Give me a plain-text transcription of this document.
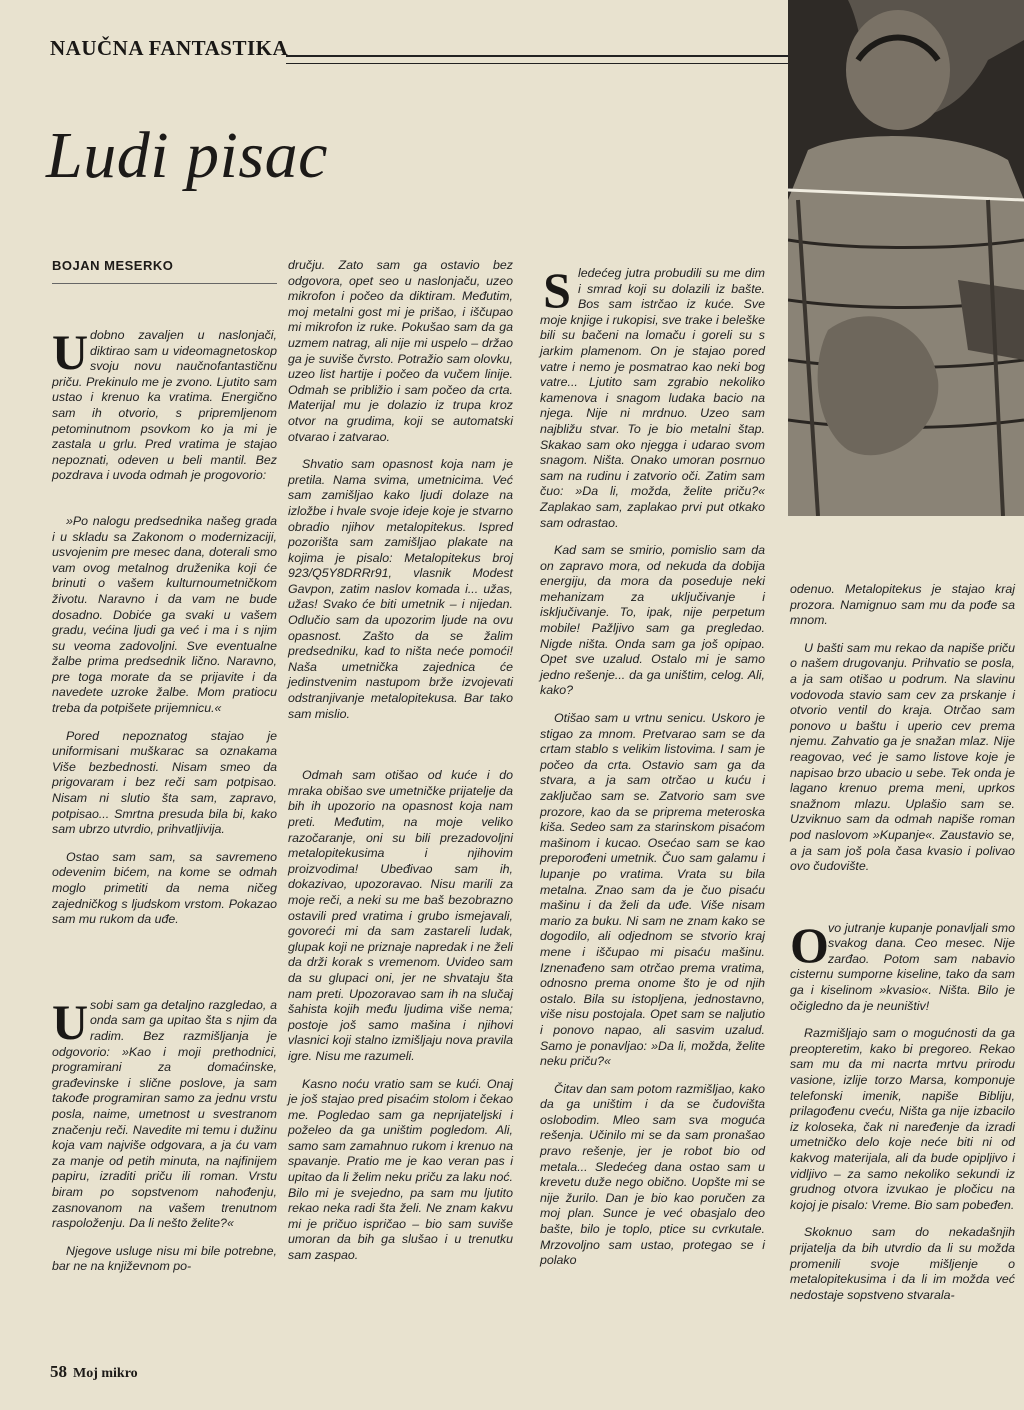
NAUČNA FANTASTIKA
Ludi pisac
BOJAN MESERKO

Udobno zavaljen u naslonjači, diktirao sam u videomagnetoskop svoju novu naučnofantastičnu priču. Prekinulo me je zvono. Ljutito sam ustao i krenuo ka vratima. Energično sam ih otvorio, s pripremljenom petominutnom psovkom ko ja mi je zastala u grlu. Pred vratima je stajao nepoznati, odeven u beli mantil. Bez pozdrava i uvoda odmah je progovorio:

»Po nalogu predsednika našeg grada i u skladu sa Zakonom o modernizaciji, usvojenim pre mesec dana, doterali smo vam ovog metalnog druženika koji će brinuti o vašem kulturnoumetničkom životu. Naravno i da vam ne bude dosadno. Dobiće ga svaki u vašem gradu, većina ljudi ga već i ma i s njim su veoma zadovoljni. Sve eventualne žalbe prima predsednik lično. Naravno, pre toga morate da se prijavite i da navedete uzroke žalbe. Mom pratiocu treba da potpišete prijemnicu.«

Pored nepoznatog stajao je uniformisani muškarac sa oznakama Više bezbednosti. Nisam smeo da prigovaram i bez reči sam potpisao. Nisam ni slutio šta sam, zapravo, potpisao... Smrtna presuda bila bi, kako sam ubrzo utvrdio, prihvatljivija.

Ostao sam sam, sa savremeno odevenim bićem, na kome se odmah moglo primetiti da nema ničeg zajedničkog s ljudskom vrstom. Pokazao sam mu rukom da uđe.

Usobi sam ga detaljno razgledao, a onda sam ga upitao šta s njim da radim. Bez razmišljanja je odgovorio: »Kao i moji prethodnici, programirani za domaćinske, građevinske i slične poslove, ja sam takođe programiran samo za jednu vrstu posla, naime, umetnost u svestranom značenju reči. Navedite mi temu i dužinu koja vam najviše odgovara, a ja ću vam za manje od petih minuta, na najfinijem papiru, izraditi priču ili roman. Vrstu biram po sopstvenom nahođenju, zasnovanom na vašem trenutnom raspoloženju. Da li nešto želite?«

Njegove usluge nisu mi bile potrebne, bar ne na književnom po-

dručju. Zato sam ga ostavio bez odgovora, opet seo u naslonjaču, uzeo mikrofon i počeo da diktiram. Međutim, moj metalni gost mi je prišao, i iščupao mi mikrofon iz ruke. Pokušao sam da ga uzmem natrag, ali nije mi uspelo – držao ga je suviše čvrsto. Potražio sam olovku, uzeo list hartije i počeo da vučem linije. Odmah se približio i sam počeo da crta. Materijal mu je dolazio iz trupa kroz otvor na grudima, koji se automatski otvarao i zatvarao.

Shvatio sam opasnost koja nam je pretila. Nama svima, umetnicima. Već sam zamišljao kako ljudi dolaze na izložbe i hvale svoje ideje koje je stvarno obradio njihov metalopitekus. Ispred pozorišta sam zamišljao plakate na kojima je pisalo: Metalopitekus broj 923/Q5Y8DRRr91, vlasnik Modest Gavpon, zatim naslov komada i... užas, užas! Svako će biti umetnik – i nijedan. Odlučio sam da upozorim ljude na ovu opasnost. Zašto da se žalim predsedniku, kad to ništa neće pomoći! Naša umetnička zajednica će jedinstvenim nastupom brže izvojevati odstranjivanje metalopitekusa. Bar tako sam mislio.

Odmah sam otišao od kuće i do mraka obišao sve umetničke prijatelje da bih ih upozorio na opasnost koja nam preti. Međutim, na moje veliko razočaranje, oni su bili prezadovoljni metalopitekusima i njihovim proizvodima! Ubeđivao sam ih, dokazivao, upozoravao. Nisu marili za moje reči, a neki su me baš bezobrazno ostavili pred vratima i grubo ismejavali, govoreći mi da sam zastareli ludak, glupak koji ne priznaje napredak i ne želi da drži korak s vremenom. Uvideo sam da su glupaci oni, jer ne shvataju šta nam preti. Upozoravao sam ih na slučaj šahista kojih među ljudima više nema; postoje još samo mašina i njihovi vlasnici koji stalno izmišljaju nova pravila igre. Nisu me razumeli.

Kasno noću vratio sam se kući. Onaj je još stajao pred pisaćim stolom i čekao me. Pogledao sam ga neprijateljski i poželeo da ga uništim pogledom. Ali, samo sam zamahnuo rukom i krenuo na spavanje. Pratio me je kao veran pas i upitao da li želim neku priču za laku noć. Bilo mi je svejedno, pa sam mu ljutito rekao neka radi šta želi. Ne znam kakvu mi je pričuo ispričao – bio sam suviše umoran da bih ga slušao i u trenutku sam zaspao.

Sledećeg jutra probudili su me dim i smrad koji su dolazili iz bašte. Bos sam istrčao iz kuće. Sve moje knjige i rukopisi, sve trake i beleške bili su bačeni na lomaču i goreli su s jarkim plamenom. On je stajao pored vatre i nemo je posmatrao kao neki bog vatre... Ljutito sam zgrabio nekoliko kamenova i snagom ludaka bacio na njega. Nije ni mrdnuo. Uzeo sam najbližu stvar. To je bio metalni štap. Skakao sam oko njegga i udarao svom snagom. Ništa. Onako umoran posrnuo sam na rudinu i zatvorio oči. Zatim sam čuo: »Da li, možda, želite priču?« Zaplakao sam, zaplakao prvi put otkako sam odrastao.

Kad sam se smirio, pomislio sam da on zapravo mora, od nekuda da dobija energiju, da mora da poseduje neki mehanizam za uključivanje i isključivanje. To, ipak, nije perpetum mobile! Pažljivo sam ga pregledao. Nigde ništa. Onda sam ga još opipao. Opet sve uzalud. Ostalo mi je samo jedno rešenje... da ga uništim, celog. Ali, kako?

Otišao sam u vrtnu senicu. Uskoro je stigao za mnom. Pretvarao sam se da crtam stablo s velikim listovima. I sam je počeo da crta. Ostavio sam ga da stvara, a ja sam otrčao u kuću i zaključao sam se. Zatvorio sam sve prozore, kao da se pripremа meteroska kiša. Sedeo sam za starinskom pisaćom mašinom i kucao. Osećao sam se kao preporođeni umetnik. Čuo sam galamu i lupanje po vratima. Vrata su bila metalna. Znao sam da je čuo pisaću mašinu i da želi da uđe. Više nisam mario za buku. Ni sam ne znam kako se dogodilo, ali odjednom se stvorio kraj mene i iščupao mi pisaću mašinu. Iznenađeno sam otrčao prema vratima, odnosno prema onome što je od njih ostalo. Bila su istopljena, jednostavno, više nisu postojala. Opet sam se naljutio i ponovo napao, ali sasvim uzalud. Samo je ponavljao: »Da li, možda, želite neku priču?«

Čitav dan sam potom razmišljao, kako da ga uništim i da se čudovišta oslobodim. Mleo sam sva moguća rešenja. Učinilo mi se da sam pronašao pravo rešenje, jer je robot bio od metala... Sledećeg dana ostao sam u krevetu duže nego obično. Uopšte mi se nije žurilo. Dan je bio kao poručen za moj plan. Sunce je već obasjalo deo bašte, bilo je toplo, ptice su cvrkutale. Mrzovoljno sam ustao, protegao se i polako

odenuo. Metalopitekus je stajao kraj prozora. Namignuo sam mu da pođe sa mnom.

U bašti sam mu rekao da napiše priču o našem drugovanju. Prihvatio se posla, a ja sam otišao u podrum. Na slavinu vodovoda stavio sam cev za prskanje i otvorio ventil do kraja. Otrčao sam ponovo u baštu i uperio cev prema njemu. Zahvatio ga je snažan mlaz. Nije reagovao, već je samo listove koje je napisao brzo ubacio u sebe. Tek onda je lagano krenuo prema meni, uprkos snažnom mlazu. Uplašio sam se. Uzviknuo sam da odmah napiše roman pod naslovom »Kupanje«. Zaustavio se, a ja sam još pola časa kvasio i polivao ovo čudovište.

Ovo jutranje kupanje ponavljali smo svakog dana. Ceo mesec. Nije zarđao. Potom sam nabavio cisternu sumporne kiseline, tako da sam ga i kiselinom »kvasio«. Ništa. Bilo je očigledno da je neuništiv!

Razmišljajo sam o mogućnosti da ga preopteretim, kako bi pregoreo. Rekao sam mu da mi nacrta mrtvu prirodu vasione, izlije torzo Marsa, komponuje telefonski imenik, napiše Bibliju, prilagođenu cveću, Ništa ga nije izbacilo iz koloseka, čak ni naređenje da izradi umetničko delo koje neće biti ni od kakvog materijala, ali da bude opipljivo i vidljivo – za samo nekoliko sekundi iz grudnog otvora izvukao je pločicu na kojoj je pisalo: Vreme. Bio sam pobeđen.

Skoknuo sam do nekadašnjih prijatelja da bih utvrdio da li su možda promenili svoje mišljenje o metalopitekusima i da li im možda već nedostaje sopstveno stvarala-

58 Moj mikro
